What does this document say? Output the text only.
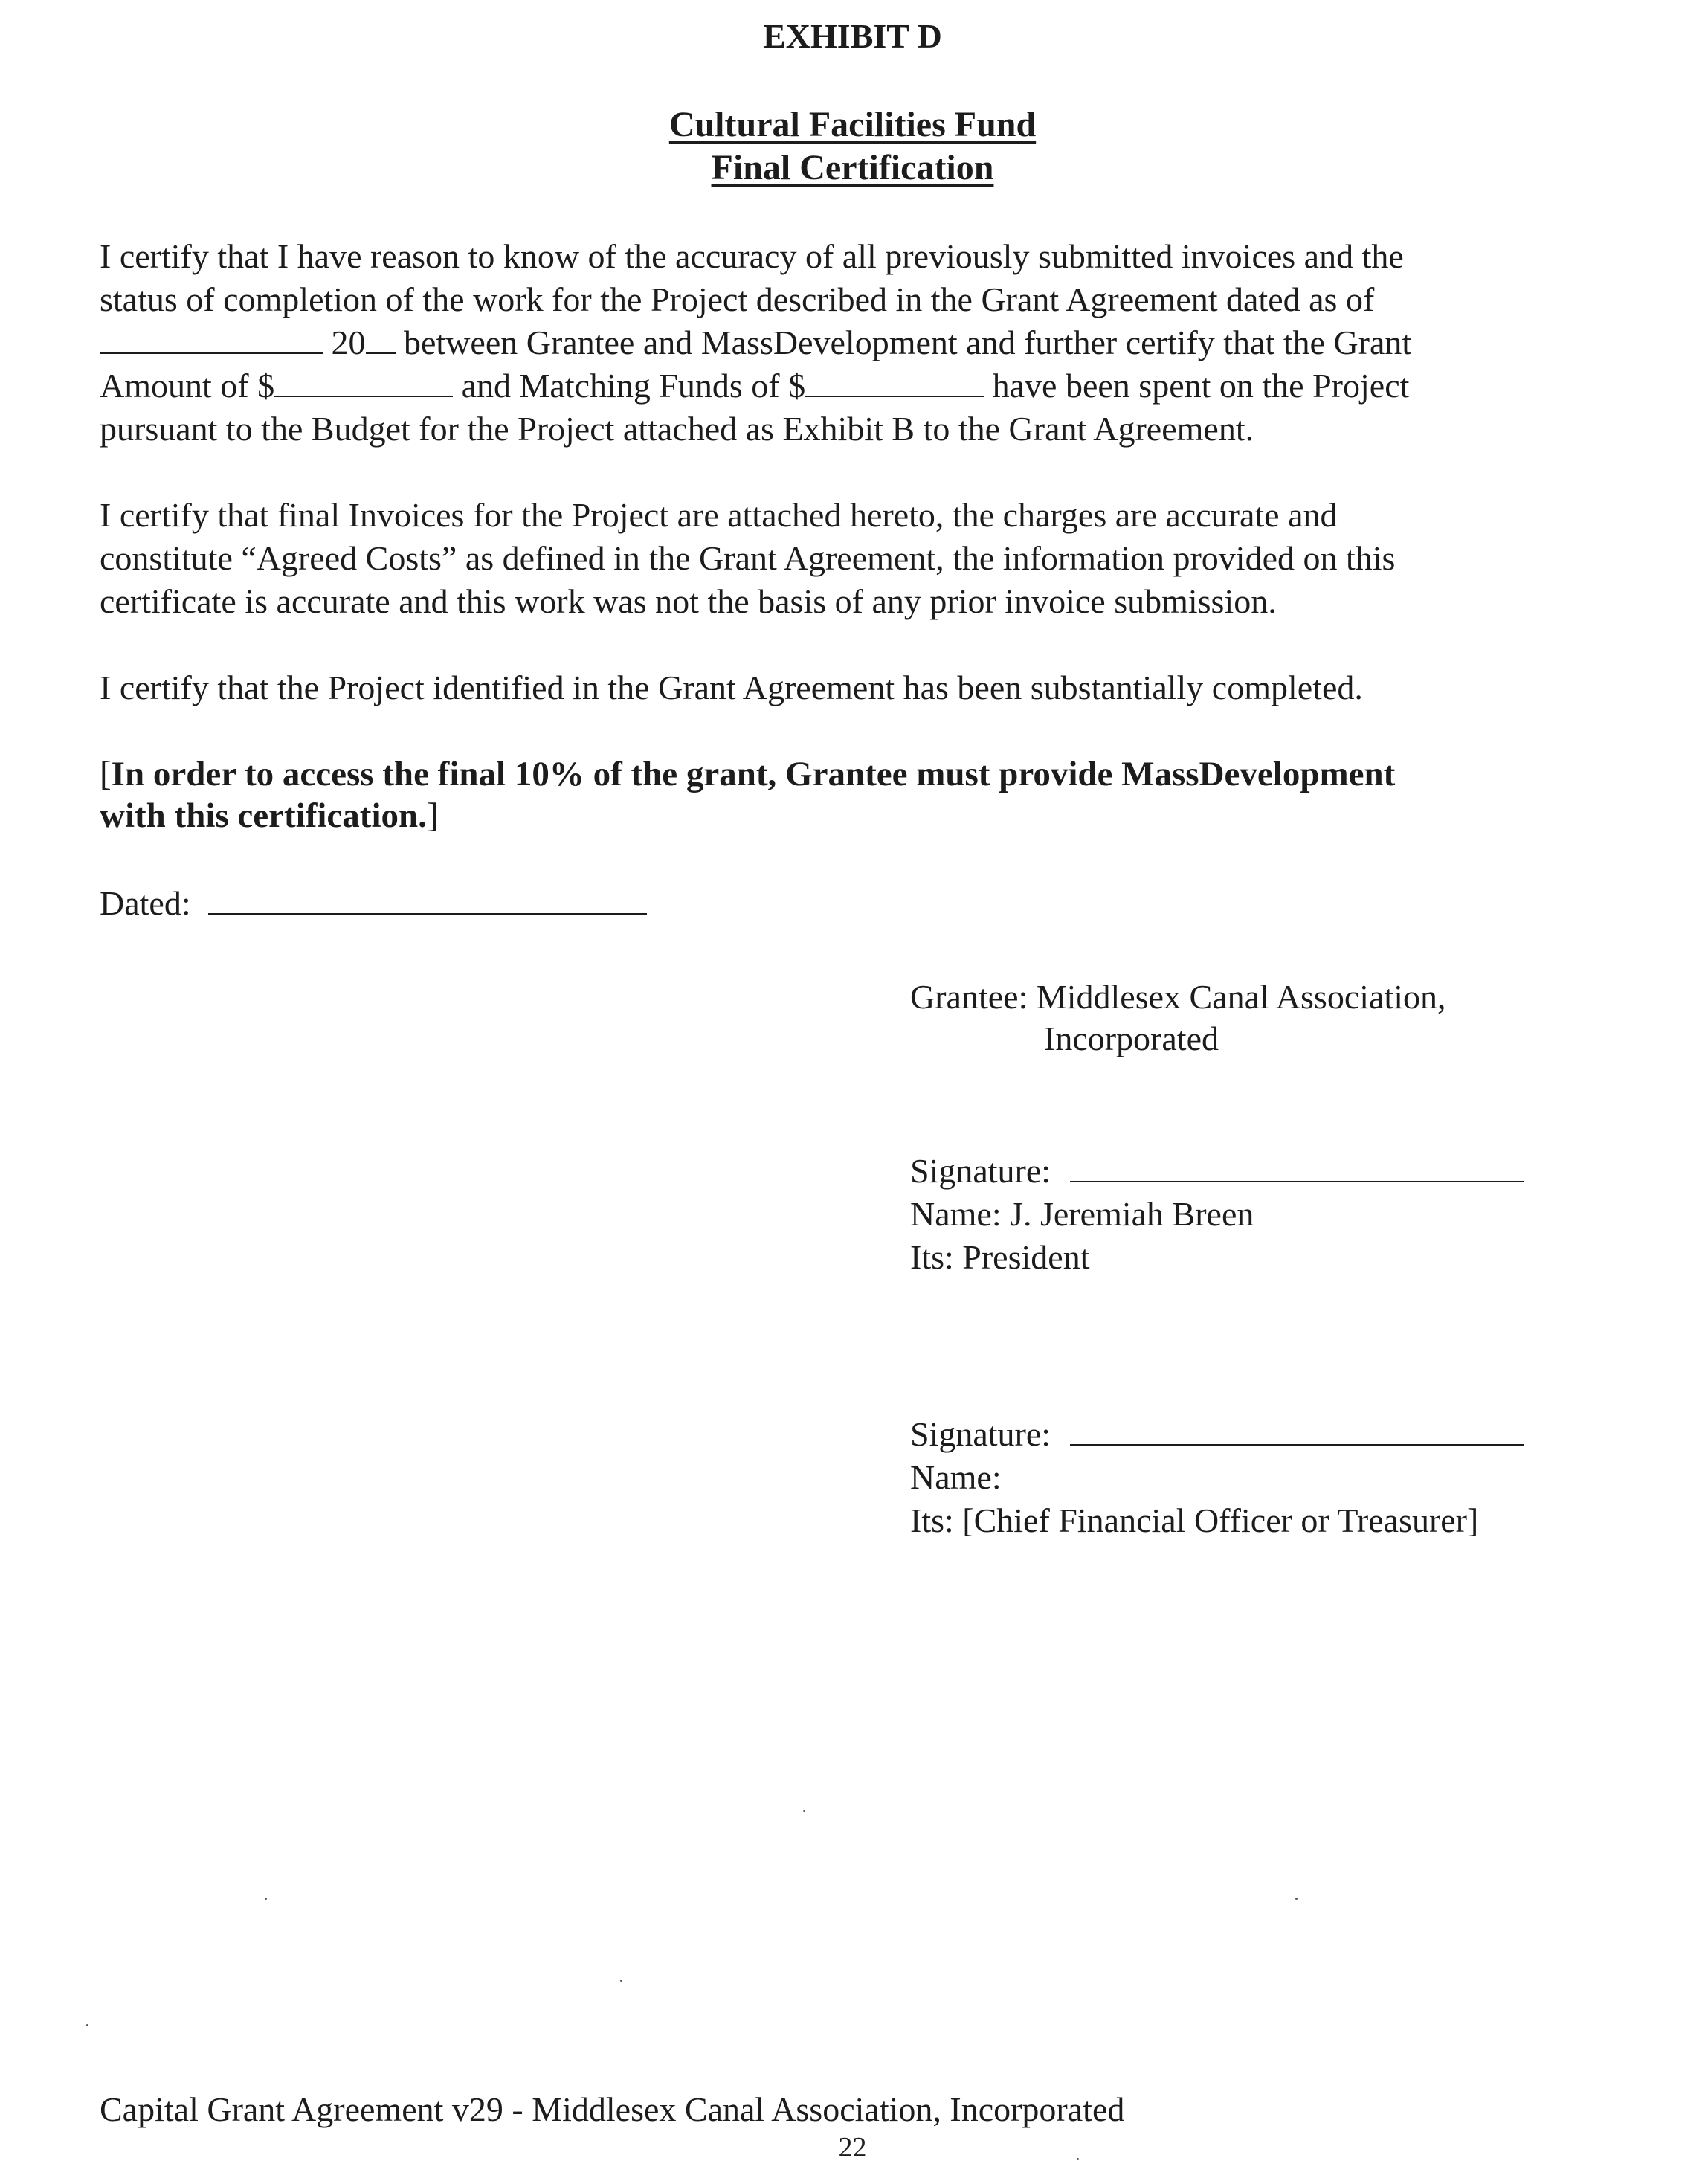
EXHIBIT D
Cultural Facilities Fund
Final Certification
I certify that I have reason to know of the accuracy of all previously submitted invoices and the
status of completion of the work for the Project described in the Grant Agreement dated as of
20 between Grantee and MassDevelopment and further certify that the Grant
Amount of $	and Matching Funds of $	have been spent on the Project
pursuant to the Budget for the Project attached as Exhibit B to the Grant Agreement.
I certify that final Invoices for the Project are attached hereto, the charges are accurate and
constitute “Agreed Costs” as defined in the Grant Agreement, the information provided on this
certificate is accurate and this work was not the basis of any prior invoice submission.
I certify that the Project identified in the Grant Agreement has been substantially completed.
[In order to access the final 10% of the grant, Grantee must provide MassDevelopment
with this certification.]
Dated:
Grantee: Middlesex Canal Association,
Incorporated
Signature:
Name: J. Jeremiah Breen
Its: President
Signature:
Name:
Its: [Chief Financial Officer or Treasurer]
Capital Grant Agreement v29 - Middlesex Canal Association, Incorporated
22
